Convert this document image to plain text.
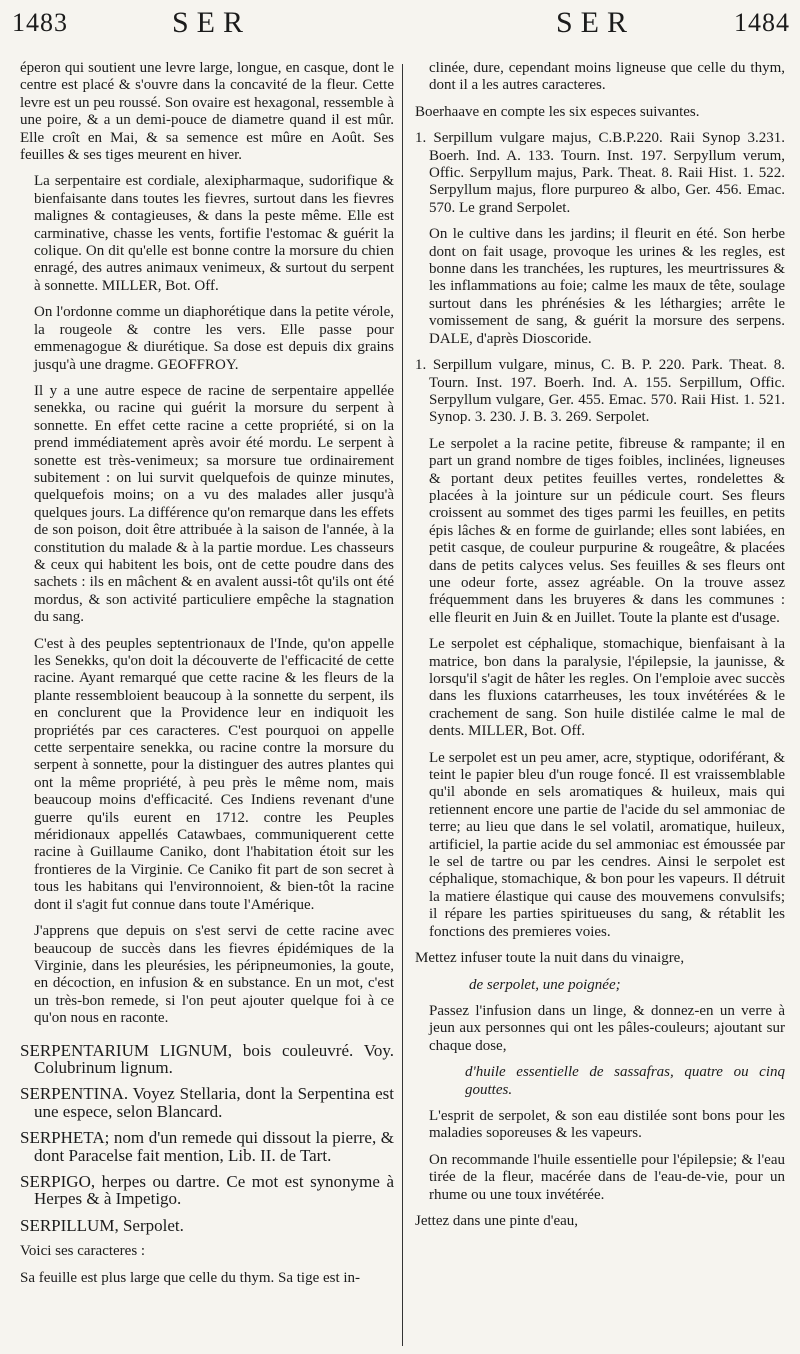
1483	SER	SER	1484

éperon qui soutient une levre large, longue, en casque, dont le centre est placé & s'ouvre dans la concavité de la fleur. Cette levre est un peu roussé. Son ovaire est hexagonal, ressemble à une poire, & a un demi-pouce de diametre quand il est mûr. Elle croît en Mai, & sa semence est mûre en Août. Ses feuilles & ses tiges meurent en hiver.

La serpentaire est cordiale, alexipharmaque, sudorifique & bienfaisante dans toutes les fievres, surtout dans les fievres malignes & contagieuses, & dans la peste même. Elle est carminative, chasse les vents, fortifie l'estomac & guérit la colique. On dit qu'elle est bonne contre la morsure du chien enragé, des autres animaux venimeux, & surtout du serpent à sonnette. MILLER, Bot. Off.

On l'ordonne comme un diaphorétique dans la petite vérole, la rougeole & contre les vers. Elle passe pour emmenagogue & diurétique. Sa dose est depuis dix grains jusqu'à une dragme. GEOFFROY.

Il y a une autre espece de racine de serpentaire appellée senekka, ou racine qui guérit la morsure du serpent à sonnette. En effet cette racine a cette propriété, si on la prend immédiatement après avoir été mordu. Le serpent à sonette est très-venimeux; sa morsure tue ordinairement subitement : on lui survit quelquefois de quinze minutes, quelquefois moins; on a vu des malades aller jusqu'à quelques jours. La différence qu'on remarque dans les effets de son poison, doit être attribuée à la saison de l'année, à la constitution du malade & à la partie mordue. Les chasseurs & ceux qui habitent les bois, ont de cette poudre dans des sachets : ils en mâchent & en avalent aussi-tôt qu'ils ont été mordus, & son activité particuliere empêche la stagnation du sang.

C'est à des peuples septentrionaux de l'Inde, qu'on appelle les Senekks, qu'on doit la découverte de l'efficacité de cette racine. Ayant remarqué que cette racine & les fleurs de la plante ressembloient beaucoup à la sonnette du serpent, ils en conclurent que la Providence leur en indiquoit les propriétés par ces caracteres. C'est pourquoi on appelle cette serpentaire senekka, ou racine contre la morsure du serpent à sonnette, pour la distinguer des autres plantes qui ont la même propriété, à peu près le même nom, mais beaucoup moins d'efficacité. Ces Indiens revenant d'une guerre qu'ils eurent en 1712. contre les Peuples méridionaux appellés Catawbaes, communiquerent cette racine à Guillaume Caniko, dont l'habitation étoit sur les frontieres de la Virginie. Ce Caniko fit part de son secret à tous les habitans qui l'environnoient, & bien-tôt la racine dont il s'agit fut connue dans toute l'Amérique.

J'apprens que depuis on s'est servi de cette racine avec beaucoup de succès dans les fievres épidémiques de la Virginie, dans les pleurésies, les péripneumonies, la goute, en décoction, en infusion & en substance. En un mot, c'est un très-bon remede, si l'on peut ajouter quelque foi à ce qu'on nous en raconte.

SERPENTARIUM LIGNUM, bois couleuvré. Voy. Colubrinum lignum.

SERPENTINA. Voyez Stellaria, dont la Serpentina est une espece, selon Blancard.

SERPHETA; nom d'un remede qui dissout la pierre, & dont Paracelse fait mention, Lib. II. de Tart.

SERPIGO, herpes ou dartre. Ce mot est synonyme à Herpes & à Impetigo.

SERPILLUM, Serpolet.

Voici ses caracteres :

Sa feuille est plus large que celle du thym. Sa tige est in-

clinée, dure, cependant moins ligneuse que celle du thym, dont il a les autres caracteres.

Boerhaave en compte les six especes suivantes.

1. Serpillum vulgare majus, C.B.P.220. Raii Synop 3.231. Boerh. Ind. A. 133. Tourn. Inst. 197. Serpyllum verum, Offic. Serpyllum majus, Park. Theat. 8. Raii Hist. 1. 522. Serpyllum majus, flore purpureo & albo, Ger. 456. Emac. 570. Le grand Serpolet.

On le cultive dans les jardins; il fleurit en été. Son herbe dont on fait usage, provoque les urines & les regles, est bonne dans les tranchées, les ruptures, les meurtrissures & les inflammations au foie; calme les maux de tête, soulage surtout dans les phrénésies & les léthargies; arrête le vomissement de sang, & guérit la morsure des serpens. DALE, d'après Dioscoride.

1. Serpillum vulgare, minus, C. B. P. 220. Park. Theat. 8. Tourn. Inst. 197. Boerh. Ind. A. 155. Serpillum, Offic. Serpyllum vulgare, Ger. 455. Emac. 570. Raii Hist. 1. 521. Synop. 3. 230. J. B. 3. 269. Serpolet.

Le serpolet a la racine petite, fibreuse & rampante; il en part un grand nombre de tiges foibles, inclinées, ligneuses & portant deux petites feuilles vertes, rondelettes & placées à la jointure sur un pédicule court. Ses fleurs croissent au sommet des tiges parmi les feuilles, en petits épis lâches & en forme de guirlande; elles sont labiées, en petit casque, de couleur purpurine & rougeâtre, & placées dans de petits calyces velus. Ses feuilles & ses fleurs ont une odeur forte, assez agréable. On la trouve assez fréquemment dans les bruyeres & dans les communes : elle fleurit en Juin & en Juillet. Toute la plante est d'usage.

Le serpolet est céphalique, stomachique, bienfaisant à la matrice, bon dans la paralysie, l'épilepsie, la jaunisse, & lorsqu'il s'agit de hâter les regles. On l'emploie avec succès dans les fluxions catarrheuses, les toux invétérées & le crachement de sang. Son huile distilée calme le mal de dents. MILLER, Bot. Off.

Le serpolet est un peu amer, acre, styptique, odoriférant, & teint le papier bleu d'un rouge foncé. Il est vraissemblable qu'il abonde en sels aromatiques & huileux, mais qui retiennent encore une partie de l'acide du sel ammoniac de terre; au lieu que dans le sel volatil, aromatique, huileux, artificiel, la partie acide du sel ammoniac est émoussée par le sel de tartre ou par les cendres. Ainsi le serpolet est céphalique, stomachique, & bon pour les vapeurs. Il détruit la matiere élastique qui cause des mouvemens convulsifs; il répare les parties spiritueuses du sang, & rétablit les fonctions des premieres voies.

Mettez infuser toute la nuit dans du vinaigre,

de serpolet, une poignée;

Passez l'infusion dans un linge, & donnez-en un verre à jeun aux personnes qui ont les pâles-couleurs; ajoutant sur chaque dose,

d'huile essentielle de sassafras, quatre ou cinq gouttes.

L'esprit de serpolet, & son eau distilée sont bons pour les maladies soporeuses & les vapeurs.

On recommande l'huile essentielle pour l'épilepsie; & l'eau tirée de la fleur, macérée dans de l'eau-de-vie, pour un rhume ou une toux invétérée.

Jettez dans une pinte d'eau,
